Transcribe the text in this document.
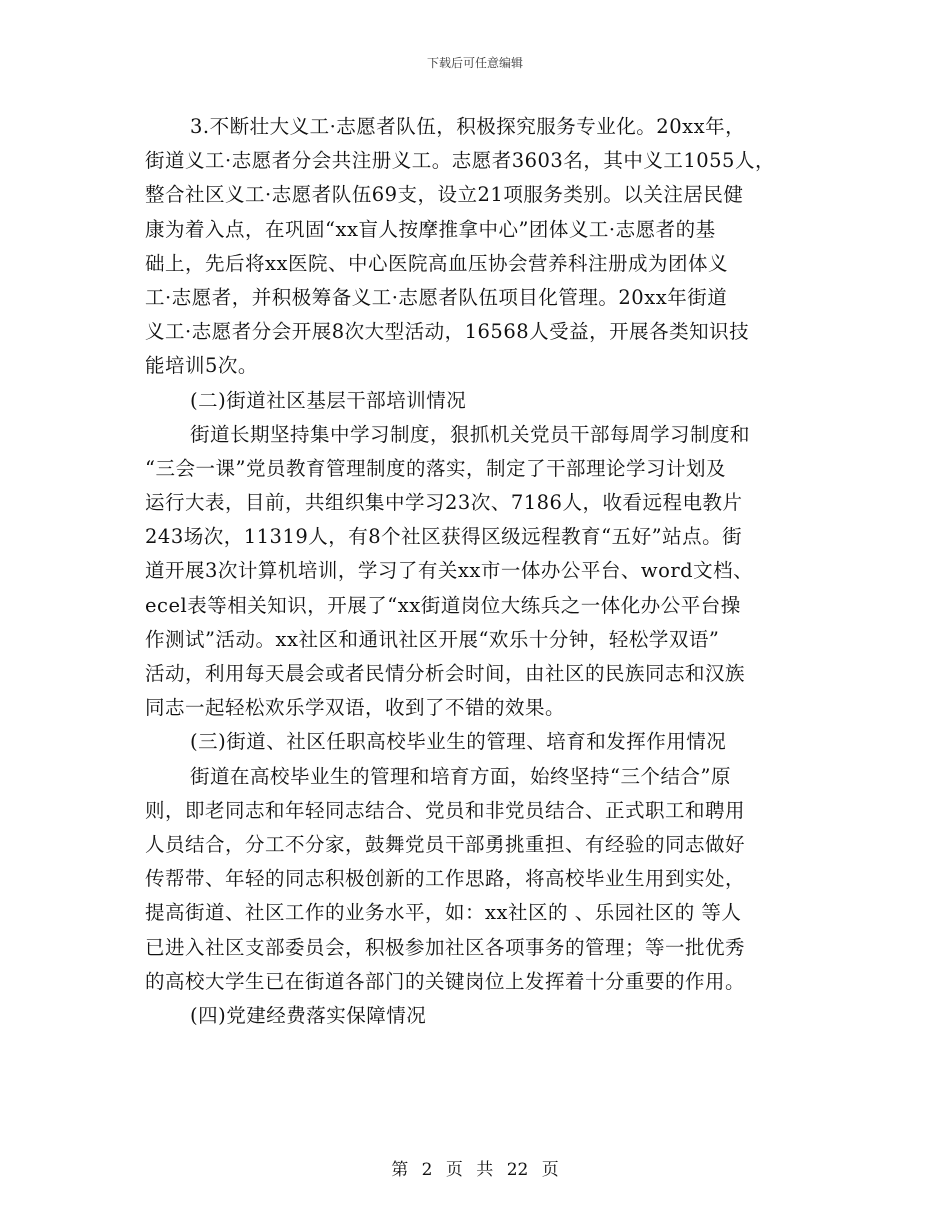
下载后可任意编辑
3.不断壮大义工·志愿者队伍，积极探究服务专业化。20xx年，
街道义工·志愿者分会共注册义工。志愿者3603名，其中义工1055人，
整合社区义工·志愿者队伍69支，设立21项服务类别。以关注居民健
康为着入点，在巩固“xx盲人按摩推拿中心”团体义工·志愿者的基
础上，先后将xx医院、中心医院高血压协会营养科注册成为团体义
工·志愿者，并积极筹备义工·志愿者队伍项目化管理。20xx年街道
义工·志愿者分会开展8次大型活动，16568人受益，开展各类知识技
能培训5次。
(二)街道社区基层干部培训情况
街道长期坚持集中学习制度，狠抓机关党员干部每周学习制度和
“三会一课”党员教育管理制度的落实，制定了干部理论学习计划及
运行大表，目前，共组织集中学习23次、7186人，收看远程电教片
243场次，11319人，有8个社区获得区级远程教育“五好”站点。街
道开展3次计算机培训，学习了有关xx市一体办公平台、word文档、
ecel表等相关知识，开展了“xx街道岗位大练兵之一体化办公平台操
作测试”活动。xx社区和通讯社区开展“欢乐十分钟，轻松学双语”
活动，利用每天晨会或者民情分析会时间，由社区的民族同志和汉族
同志一起轻松欢乐学双语，收到了不错的效果。
(三)街道、社区任职高校毕业生的管理、培育和发挥作用情况
街道在高校毕业生的管理和培育方面，始终坚持“三个结合”原
则，即老同志和年轻同志结合、党员和非党员结合、正式职工和聘用
人员结合，分工不分家，鼓舞党员干部勇挑重担、有经验的同志做好
传帮带、年轻的同志积极创新的工作思路，将高校毕业生用到实处，
提高街道、社区工作的业务水平，如：xx社区的 、乐园社区的 等人
已进入社区支部委员会，积极参加社区各项事务的管理；等一批优秀
的高校大学生已在街道各部门的关键岗位上发挥着十分重要的作用。
(四)党建经费落实保障情况
第 2 页 共 22 页
